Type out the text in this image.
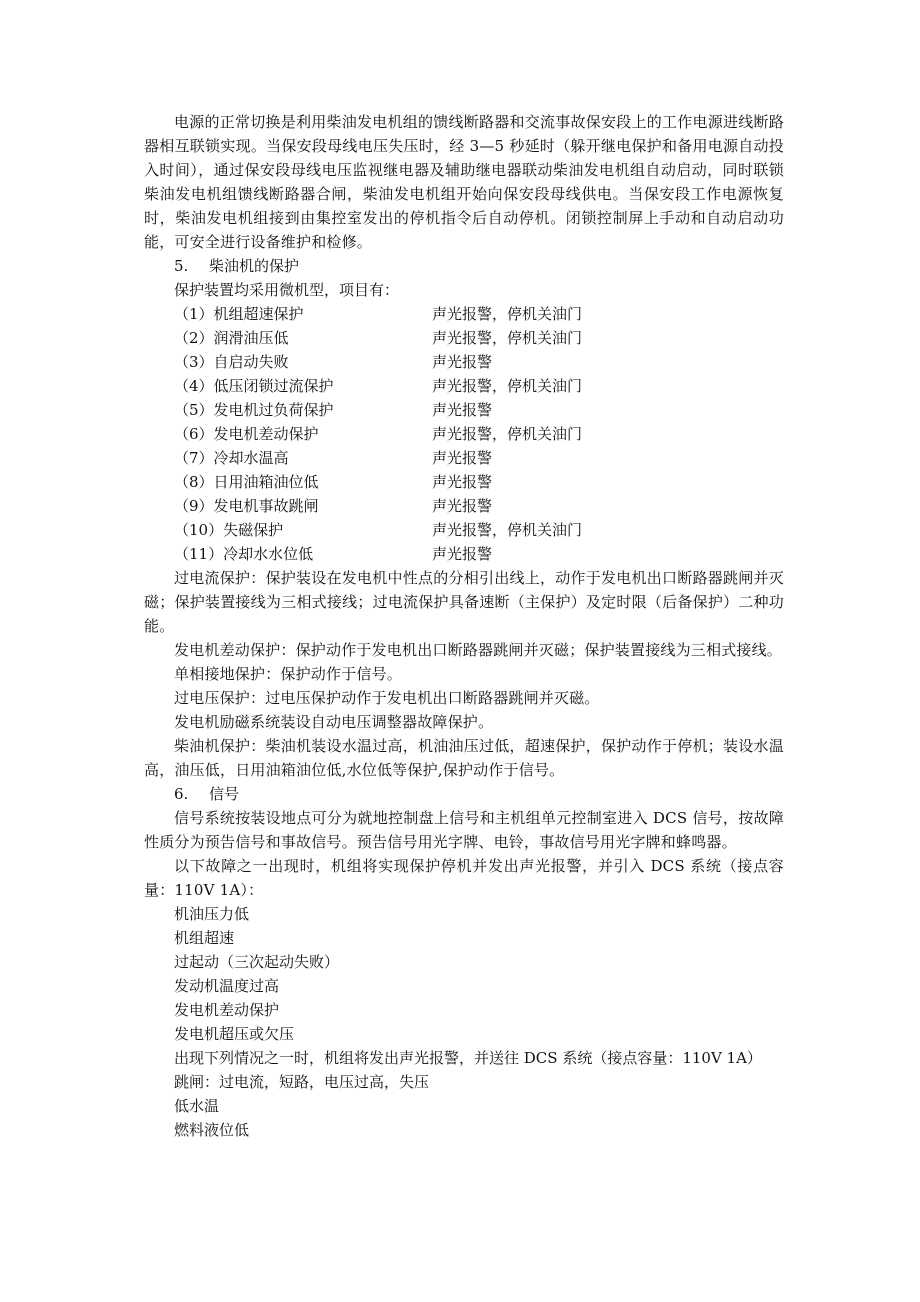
电源的正常切换是利用柴油发电机组的馈线断路器和交流事故保安段上的工作电源进线断路器相互联锁实现。当保安段母线电压失压时，经 3—5 秒延时（躲开继电保护和备用电源自动投入时间），通过保安段母线电压监视继电器及辅助继电器联动柴油发电机组自动启动，同时联锁柴油发电机组馈线断路器合闸，柴油发电机组开始向保安段母线供电。当保安段工作电源恢复时，柴油发电机组接到由集控室发出的停机指令后自动停机。闭锁控制屏上手动和自动启动功能，可安全进行设备维护和检修。

5. 柴油机的保护

保护装置均采用微机型，项目有：

（1）机组超速保护	声光报警，停机关油门
（2）润滑油压低	声光报警，停机关油门
（3）自启动失败	声光报警
（4）低压闭锁过流保护	声光报警，停机关油门
（5）发电机过负荷保护	声光报警
（6）发电机差动保护	声光报警，停机关油门
（7）冷却水温高	声光报警
（8）日用油箱油位低	声光报警
（9）发电机事故跳闸	声光报警
（10）失磁保护	声光报警，停机关油门
（11）冷却水水位低	声光报警

过电流保护：保护装设在发电机中性点的分相引出线上，动作于发电机出口断路器跳闸并灭磁；保护装置接线为三相式接线；过电流保护具备速断（主保护）及定时限（后备保护）二种功能。

发电机差动保护：保护动作于发电机出口断路器跳闸并灭磁；保护装置接线为三相式接线。

单相接地保护：保护动作于信号。

过电压保护：过电压保护动作于发电机出口断路器跳闸并灭磁。

发电机励磁系统装设自动电压调整器故障保护。

柴油机保护：柴油机装设水温过高，机油油压过低，超速保护，保护动作于停机；装设水温高，油压低，日用油箱油位低,水位低等保护,保护动作于信号。

6. 信号

信号系统按装设地点可分为就地控制盘上信号和主机组单元控制室进入 DCS 信号，按故障性质分为预告信号和事故信号。预告信号用光字牌、电铃，事故信号用光字牌和蜂鸣器。

以下故障之一出现时，机组将实现保护停机并发出声光报警，并引入 DCS 系统（接点容量：110V 1A）：

机油压力低

机组超速

过起动（三次起动失败）

发动机温度过高

发电机差动保护

发电机超压或欠压

出现下列情况之一时，机组将发出声光报警，并送往 DCS 系统（接点容量：110V 1A）

跳闸：过电流，短路，电压过高，失压

低水温

燃料液位低
